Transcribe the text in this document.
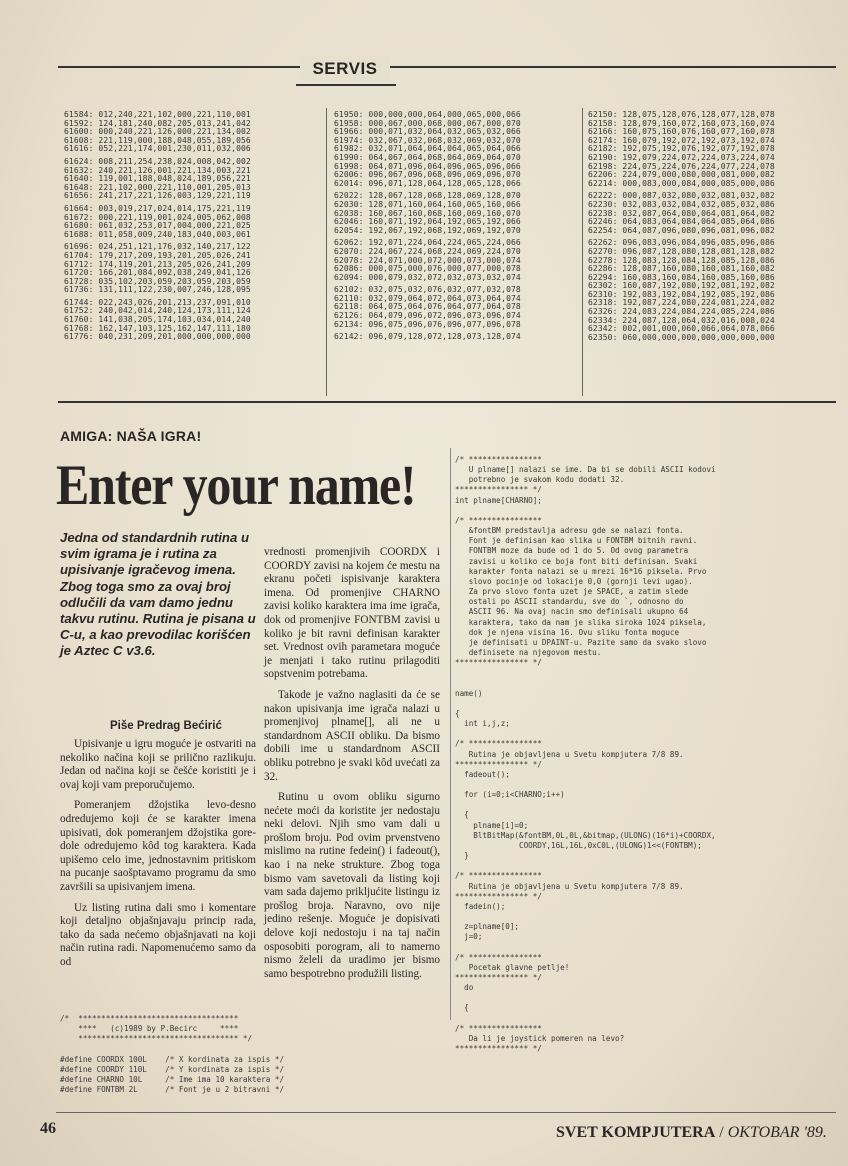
SERVIS
61584: 012,240,221,102,000,221,110,001
61592: 124,181,240,082,205,013,241,042
61600: 000,240,221,126,000,221,134,002
61608: 221,119,000,188,048,055,189,056
61616: 052,221,174,001,230,011,032,006
61624: 008,211,254,238,024,008,042,002
61632: 240,221,126,001,221,134,003,221
61640: 119,001,188,048,024,189,056,221
61648: 221,102,000,221,110,001,205,013
61656: 241,217,221,126,003,129,221,119
61664: 003,019,217,024,014,175,221,119
61672: 000,221,119,001,024,005,062,008
61680: 061,032,253,017,004,000,221,025
61688: 011,058,009,240,183,040,003,061
61696: 024,251,121,176,032,140,217,122
61704: 179,217,209,193,201,205,026,241
61712: 174,119,201,213,205,026,241,209
61720: 166,201,084,092,038,249,041,126
61728: 035,102,203,059,203,059,203,059
61736: 131,111,122,230,007,246,128,095
61744: 022,243,026,201,213,237,091,010
61752: 240,042,014,240,124,173,111,124
61760: 141,038,205,174,103,034,014,240
61768: 162,147,103,125,162,147,111,180
61776: 040,231,209,201,000,000,000,000
61950: 000,000,000,064,000,065,000,066
61958: 000,067,000,068,000,067,000,070
61966: 000,071,032,064,032,065,032,066
61974: 032,067,032,068,032,069,032,070
61982: 032,071,064,064,064,065,064,066
61990: 064,067,064,068,064,069,064,070
61998: 064,071,096,064,096,065,096,066
62006: 096,067,096,068,096,069,096,070
62014: 096,071,128,064,128,065,128,066
62022: 128,067,128,068,128,069,128,070
62030: 128,071,160,064,160,065,160,066
62038: 160,067,160,068,160,069,160,070
62046: 160,071,192,064,192,065,192,066
62054: 192,067,192,068,192,069,192,070
62062: 192,071,224,064,224,065,224,066
62070: 224,067,224,068,224,069,224,070
62078: 224,071,000,072,000,073,000,074
62086: 000,075,000,076,000,077,000,078
62094: 000,079,032,072,032,073,032,074
62102: 032,075,032,076,032,077,032,078
62110: 032,079,064,072,064,073,064,074
62118: 064,075,064,076,064,077,064,078
62126: 064,079,096,072,096,073,096,074
62134: 096,075,096,076,096,077,096,078
62142: 096,079,128,072,128,073,128,074
62150: 128,075,128,076,128,077,128,078
62158: 128,079,160,072,160,073,160,074
62166: 160,075,160,076,160,077,160,078
62174: 160,079,192,072,192,073,192,074
62182: 192,075,192,076,192,077,192,078
62190: 192,079,224,072,224,073,224,074
62198: 224,075,224,076,224,077,224,078
62206: 224,079,000,080,000,081,000,082
62214: 000,083,000,084,000,085,000,086
62222: 000,087,032,080,032,081,032,082
62230: 032,083,032,084,032,085,032,086
62238: 032,087,064,080,064,081,064,082
62246: 064,083,064,084,064,085,064,086
62254: 064,087,096,080,096,081,096,082
62262: 096,083,096,084,096,085,096,086
62270: 096,087,128,080,128,081,128,082
62278: 128,083,128,084,128,085,128,086
62286: 128,087,160,080,160,081,160,082
62294: 160,083,160,084,160,085,160,086
62302: 160,087,192,080,192,081,192,082
62310: 192,083,192,084,192,085,192,086
62318: 192,087,224,080,224,081,224,082
62326: 224,083,224,084,224,085,224,086
62334: 224,087,128,064,032,016,008,024
62342: 002,001,000,060,066,064,078,066
62350: 060,000,000,000,000,000,000,000
AMIGA: NAŠA IGRA!
Enter your name!
Jedna od standardnih rutina u svim igrama je i rutina za upisivanje igračevog imena. Zbog toga smo za ovaj broj odlučili da vam damo jednu takvu rutinu. Rutina je pisana u C-u, a kao prevodilac korišćen je Aztec C v3.6.
Piše Predrag Bećirić

Upisivanje u igru moguće je ostvariti na nekoliko načina koji se prilično razlikuju. Jedan od načina koji se češće koristiti je i ovaj koji vam preporučujemo.

Pomeranjem džojstika levo-desno odredujemo koji će se karakter imena upisivati, dok pomeranjem džojstika gore-dole odredujemo kôd tog karaktera. Kada upišemo celo ime, jednostavnim pritiskom na pucanje saošptavamo programu da smo završili sa upisivanjem imena.

Uz listing rutina dali smo i komentare koji detaljno objašnjavaju princip rada, tako da sada nećemo objašnjavati na koji način rutina radi. Napomenućemo samo da od

vrednosti promenjivih COORDX i COORDY zavisi na kojem će mestu na ekranu početi ispisivanje karaktera imena. Od promenjive CHARNO zavisi koliko karaktera ima ime igrača, dok od promenjive FONTBM zavisi u koliko je bit ravni definisan karakter set. Vrednost ovih parametara moguće je menjati i tako rutinu prilagoditi sopstvenim potrebama.

Takode je važno naglasiti da će se nakon upisivanja ime igrača nalazi u promenjivoj plname[], ali ne u standardnom ASCII obliku. Da bismo dobili ime u standardnom ASCII obliku potrebno je svaki kôd uvećati za 32.

Rutinu u ovom obliku sigurno nećete moći da koristite jer nedostaju neki delovi. Njih smo vam dali u prošlom broju. Pod ovim prvenstveno mislimo na rutine fedein() i fadeout(), kao i na neke strukture. Zbog toga bismo vam savetovali da listing koji vam sada dajemo prikljućite listingu iz prošlog broja. Naravno, ovo nije jedino rešenje. Moguće je dopisivati delove koji nedostoju i na taj način osposobiti porogram, ali to namerno nismo želeli da uradimo jer bismo samo bespotrebno produžili listing.

/*  ***********************************
****   (c)1989 by P.Becirc     ****
*********************************** */

#define COORDX 100L    /* X kordinata za ispis */
#define COORDY 110L    /* Y kordinata za ispis */
#define CHARNO 10L     /* Ime ima 10 karaktera */
#define FONTBM 2L      /* Font je u 2 bitravni */
/* ****************
U plname[] nalazi se ime. Da bi se dobili ASCII kodovi
potrebno je svakom kodu dodati 32.
**************** */
int plname[CHARNO];

/* ****************
&fontBM predstavlja adresu gde se nalazi fonta.
Font je definisan kao slika u FONTBM bitnih ravni.
FONTBM moze da bude od 1 do 5. Od ovog parametra
zavisi u koliko ce boja font biti definisan. Svaki
karakter fonta nalazi se u mrezi 16*16 piksela. Prvo
slovo pocinje od lokacije 0,0 (gornji levi ugao).
Za prvo slovo fonta uzet je SPACE, a zatim slede
ostali po ASCII standardu, sve do `, odnosno do
ASCII 96. Na ovaj nacin smo definisali ukupno 64
karaktera, tako da nam je slika siroka 1024 piksela,
dok je njena visina 16. Ovu sliku fonta moguce
je definisati u DPAINT-u. Pazite samo da svako slovo
definisete na njegovom mestu.
**************** */

name()

{
int i,j,z;

/* ****************
Rutina je objavljena u Svetu kompjutera 7/8 89.
**************** */
fadeout();

for (i=0;i<CHARNO;i++)

{
plname[i]=0;
BltBitMap(&fontBM,0L,0L,&bitmap,(ULONG)(16*i)+COORDX,
COORDY,16L,16L,0xC0L,(ULONG)1<<(FONTBM);
}

/* ****************
Rutina je objavljena u Svetu kompjutera 7/8 89.
**************** */
fadein();

z=plname[0];
j=0;

/* ****************
Pocetak glavne petlje!
**************** */
do

{

/* ****************
Da li je joystick pomeren na levo?
**************** */
46	SVET KOMPJUTERA / OKTOBAR '89.
